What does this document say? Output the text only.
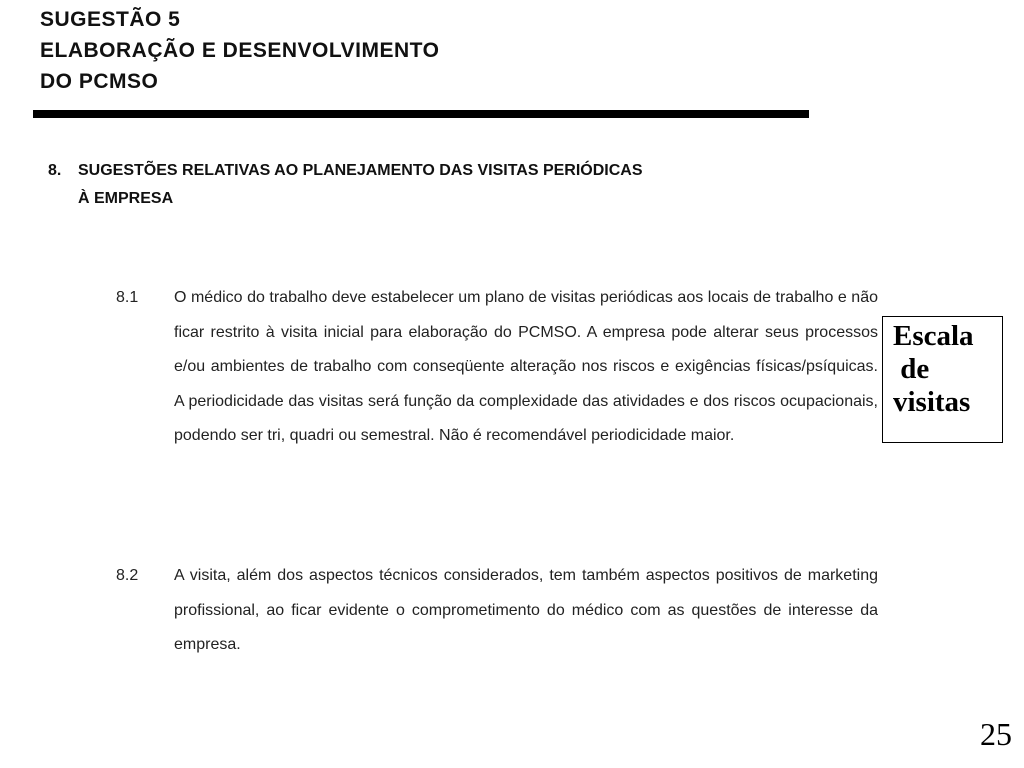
SUGESTÃO 5
ELABORAÇÃO E DESENVOLVIMENTO
DO PCMSO
8. SUGESTÕES RELATIVAS AO PLANEJAMENTO DAS VISITAS PERIÓDICAS
À EMPRESA
8.1	O médico do trabalho deve estabelecer um plano de visitas periódicas aos locais de trabalho e não ficar restrito à visita inicial para elaboração do PCMSO. A empresa pode alterar seus processos e/ou ambientes de trabalho com conseqüente alteração nos riscos e exigências físicas/psíquicas. A periodicidade das visitas será função da complexidade das atividades e dos riscos ocupacionais, podendo ser tri, quadri ou semestral. Não é recomendável periodicidade maior.
8.2	A visita, além dos aspectos técnicos considerados, tem também aspectos positivos de marketing profissional, ao ficar evidente o comprometimento do médico com as questões de interesse da empresa.
Escala
de
visitas
25
